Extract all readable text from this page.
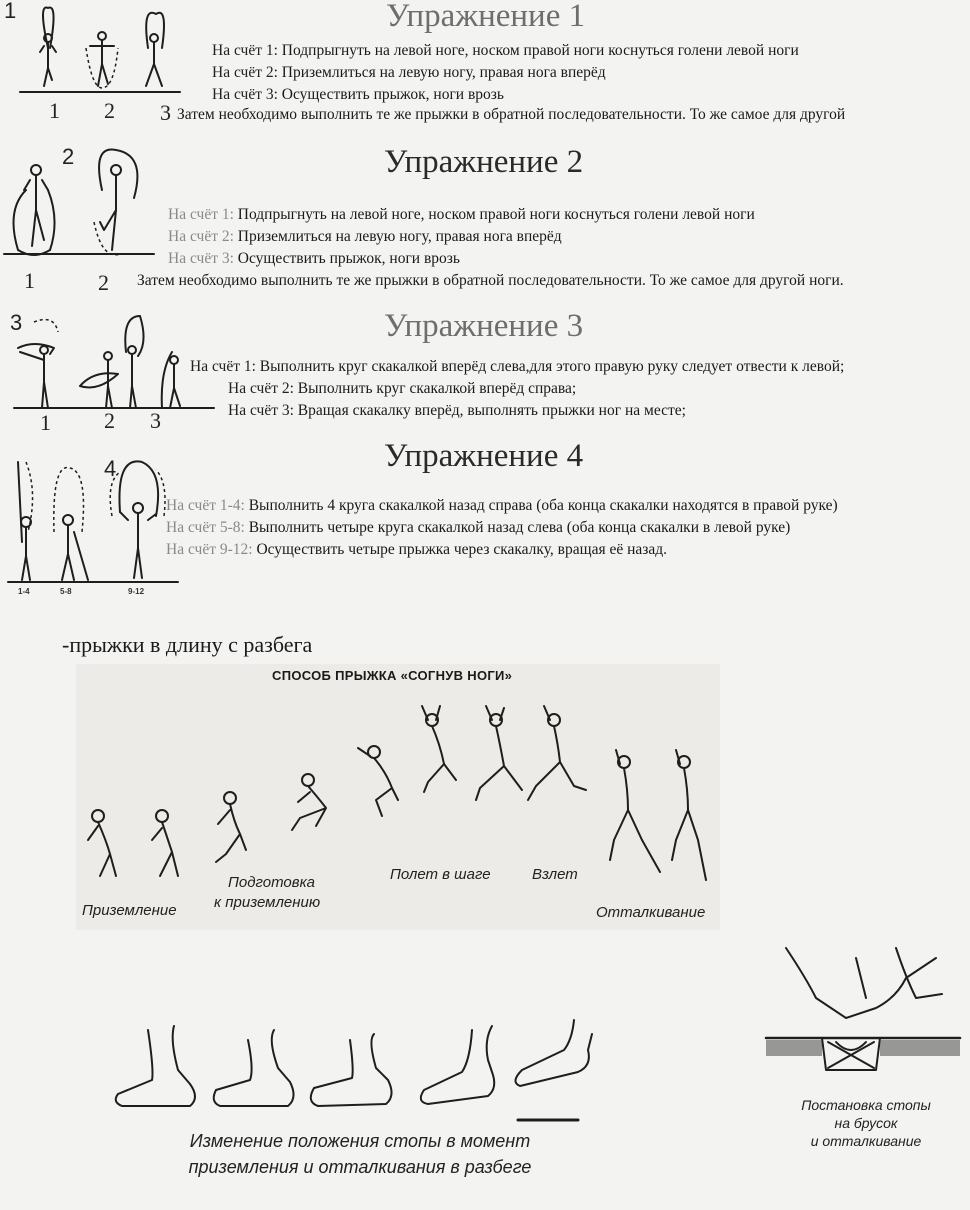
1
1 2
Упражнение 1
На счёт 1: Подпрыгнуть на левой ноге, носком правой ноги коснуться голени левой ноги
На счёт 2: Приземлиться на левую ногу, правая нога вперёд
На счёт 3: Осуществить прыжок, ноги врозь
3 Затем необходимо выполнить те же прыжки в обратной последовательности. То же самое для другой
2
1	2
Упражнение 2
На счёт 1: Подпрыгнуть на левой ноге, носком правой ноги коснуться голени левой ноги
На счёт 2: Приземлиться на левую ногу, правая нога вперёд
На счёт 3: Осуществить прыжок, ноги врозь
Затем необходимо выполнить те же прыжки в обратной последовательности. То же самое для другой ноги.
3
1 2 3
Упражнение 3
На счёт 1: Выполнить круг скакалкой вперёд слева,для этого правую руку следует отвести к левой;
На счёт 2: Выполнить круг скакалкой вперёд справа;
На счёт 3: Вращая скакалку вперёд, выполнять прыжки ног на месте;
4
1-4	5-8	9-12
Упражнение 4
На счёт 1-4: Выполнить 4 круга скакалкой назад справа (оба конца скакалки находятся в правой руке)
На счёт 5-8: Выполнить четыре круга скакалкой назад слева (оба конца скакалки в левой руке)
На счёт 9-12: Осуществить четыре прыжка через скакалку, вращая её назад.
-прыжки в длину с разбега
СПОСОБ ПРЫЖКА «СОГНУВ НОГИ»
Приземление
Подготовка
к приземлению
Полет в шаге	Взлет
Отталкивание
Изменение положения стопы в момент
приземления и отталкивания в разбеге
Постановка стопы
на брусок
и отталкивание
